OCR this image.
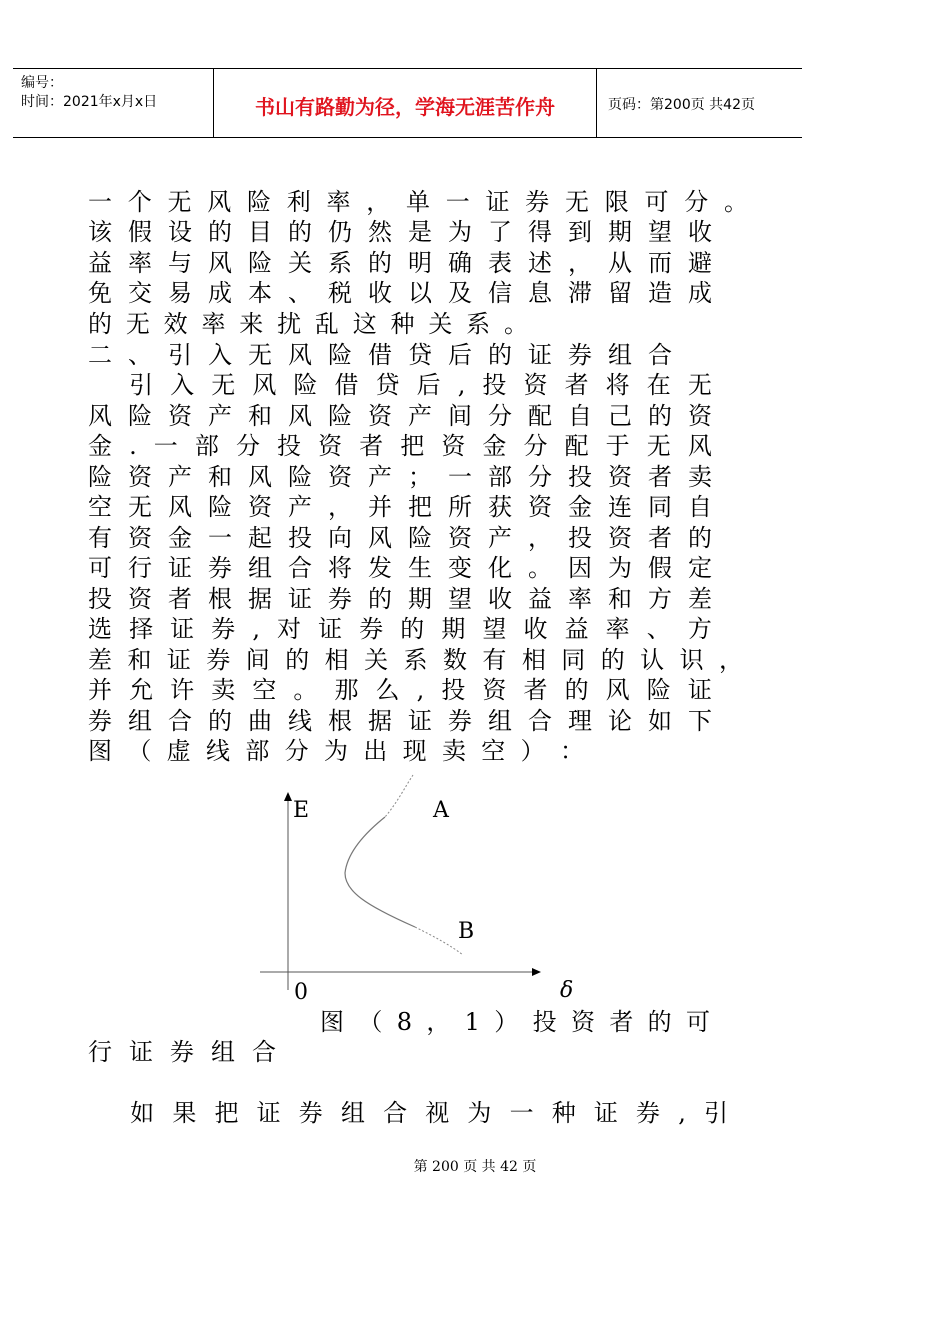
编号：
时间：2021年x月x日	书山有路勤为径，学海无涯苦作舟	页码：第200页 共42页
一 个 无 风 险 利 率 ， 单 一 证 券 无 限 可 分 。
该 假 设 的 目 的 仍 然 是 为 了 得 到 期 望 收
益 率 与 风 险 关 系 的 明 确 表 述 ， 从 而 避
免 交 易 成 本 、 税 收 以 及 信 息 滞 留 造 成
的 无 效 率 来 扰 乱 这 种 关 系 。
二 、 引 入 无 风 险 借 贷 后 的 证 券 组 合

引 入 无 风 险 借 贷 后 , 投 资 者 将 在 无
风 险 资 产 和 风 险 资 产 间 分 配 自 己 的 资
金 . 一 部 分 投 资 者 把 资 金 分 配 于 无 风
险 资 产 和 风 险 资 产 ； 一 部 分 投 资 者 卖
空 无 风 险 资 产 ， 并 把 所 获 资 金 连 同 自
有 资 金 一 起 投 向 风 险 资 产 ， 投 资 者 的
可 行 证 券 组 合 将 发 生 变 化 。 因 为 假 定
投 资 者 根 据 证 券 的 期 望 收 益 率 和 方 差
选 择 证 券 , 对 证 券 的 期 望 收 益 率 、 方
差 和 证 券 间 的 相 关 系 数 有 相 同 的 认 识 ，
并 允 许 卖 空 。 那 么 , 投 资 者 的 风 险 证
券 组 合 的 曲 线 根 据 证 券 组 合 理 论 如 下
图 （ 虚 线 部 分 为 出 现 卖 空 ） ：
E	A
B
0	δ
图 （ 8 ， 1 ） 投 资 者 的 可
行 证 券 组 合

如 果 把 证 券 组 合 视 为 一 种 证 券 , 引
第 200 页 共 42 页
